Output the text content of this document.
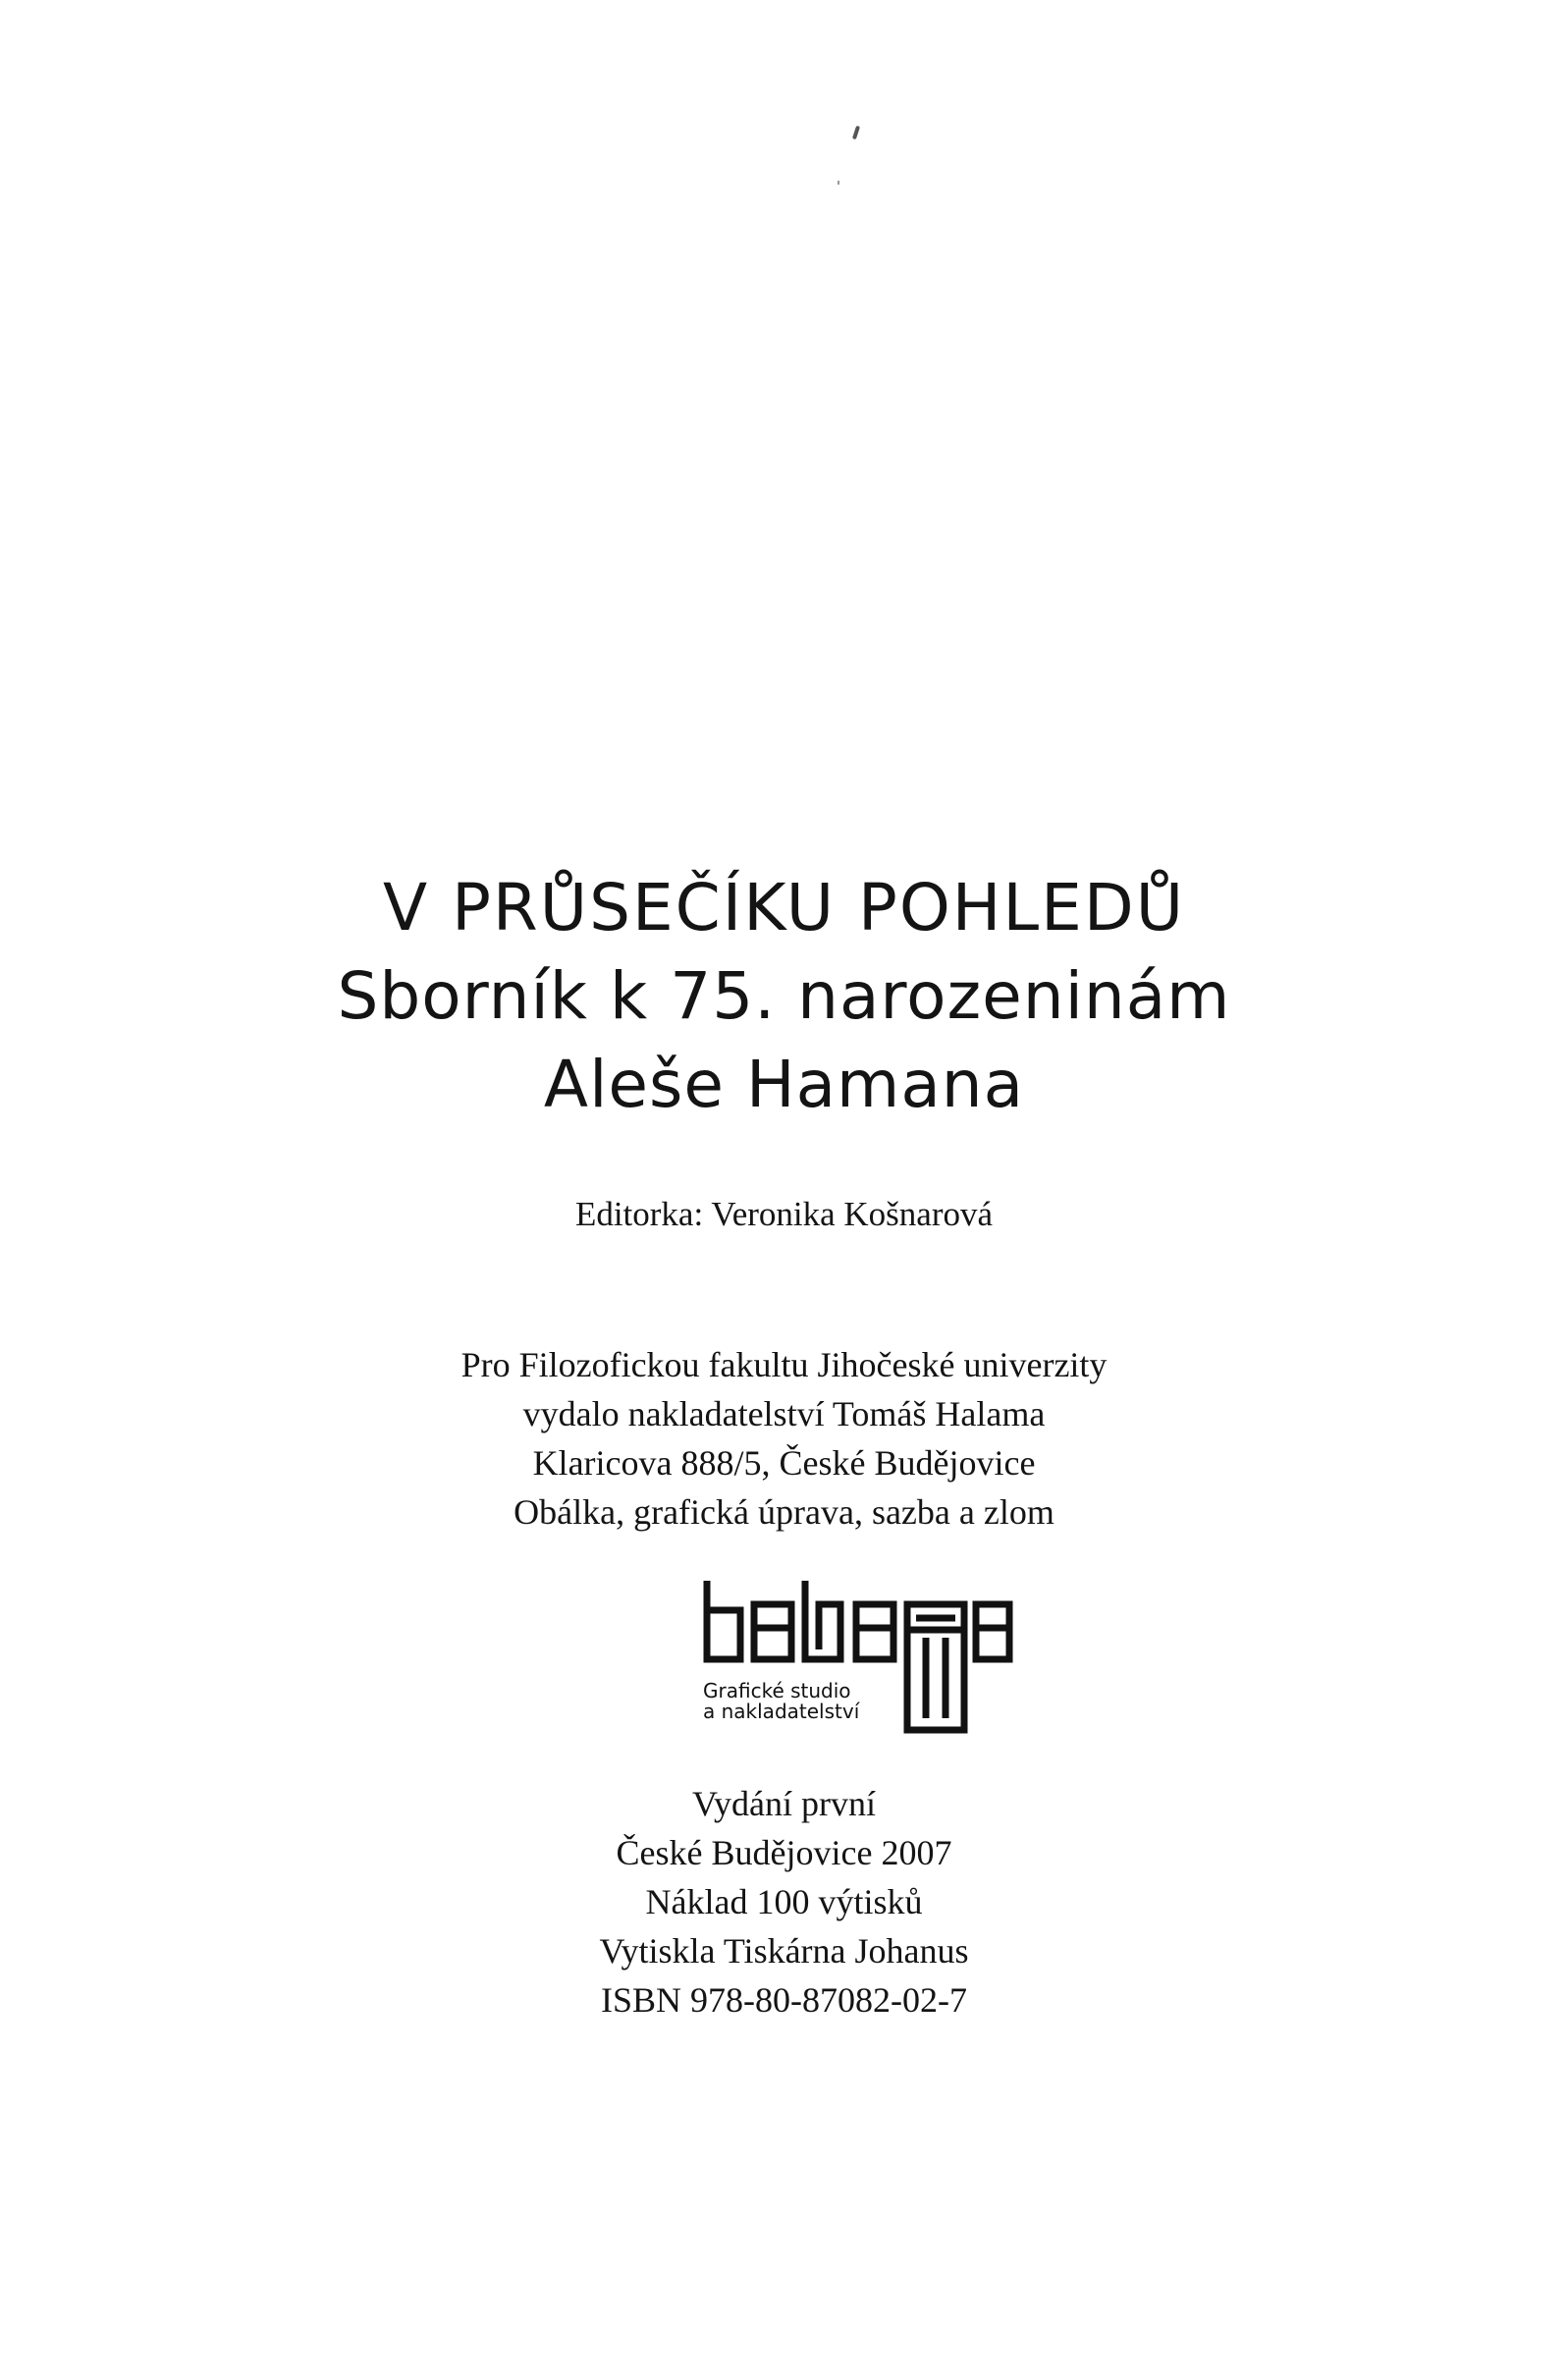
V PRŮSEČÍKU POHLEDŮ
Sborník k 75. narozeninám
Aleše Hamana
Editorka: Veronika Košnarová
Pro Filozofickou fakultu Jihočeské univerzity
vydalo nakladatelství Tomáš Halama
Klaricova 888/5, České Budějovice
Obálka, grafická úprava, sazba a zlom
Grafické studio
a nakladatelství
Vydání první
České Budějovice 2007
Náklad 100 výtisků
Vytiskla Tiskárna Johanus
ISBN 978-80-87082-02-7
